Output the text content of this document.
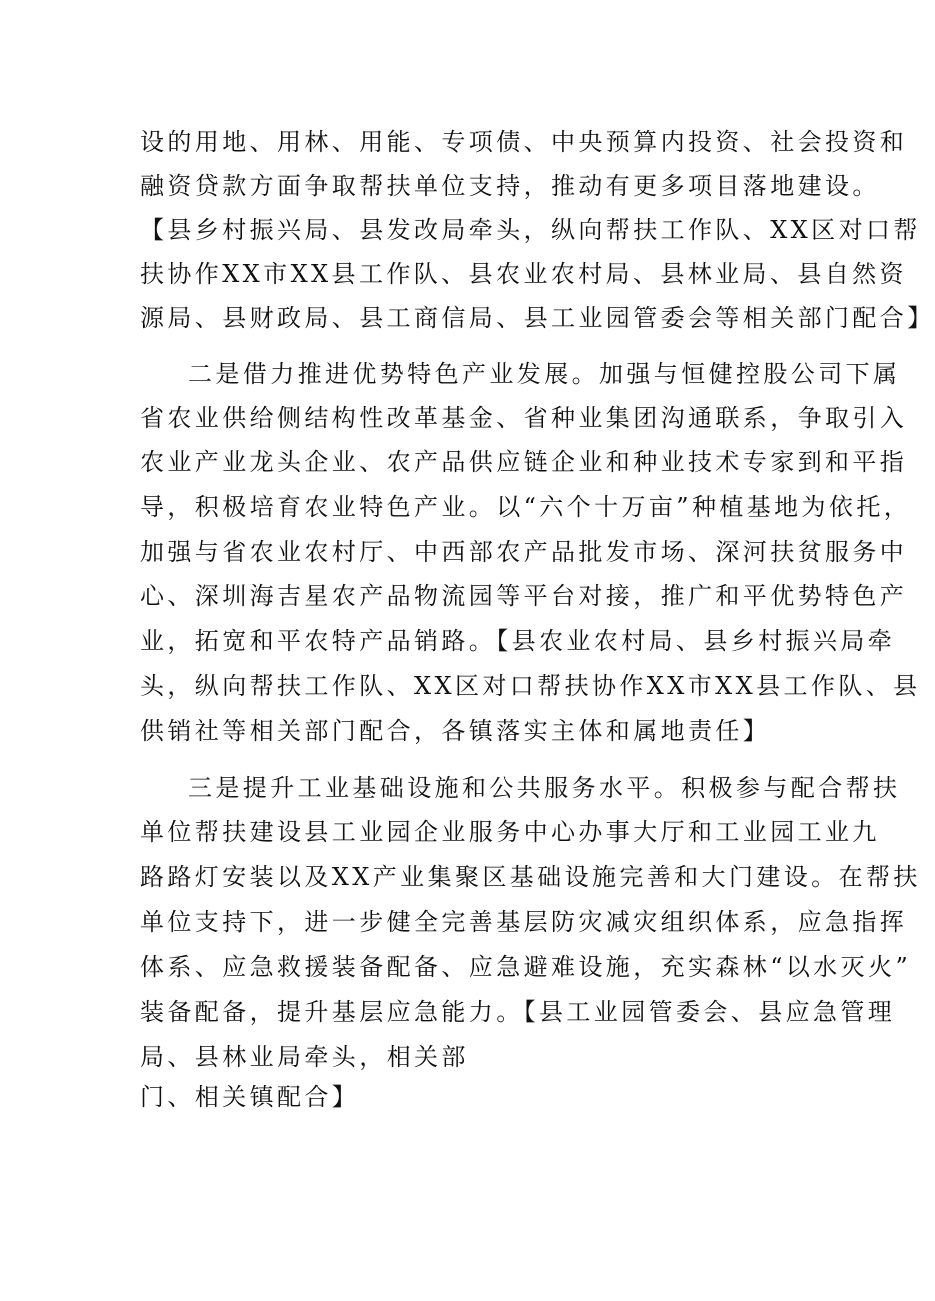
设的用地、用林、用能、专项债、中央预算内投资、社会投资和
融资贷款方面争取帮扶单位支持，推动有更多项目落地建设。
【县乡村振兴局、县发改局牵头，纵向帮扶工作队、XX区对口帮
扶协作XX市XX县工作队、县农业农村局、县林业局、县自然资
源局、县财政局、县工商信局、县工业园管委会等相关部门配合】
二是借力推进优势特色产业发展。加强与恒健控股公司下属
省农业供给侧结构性改革基金、省种业集团沟通联系，争取引入
农业产业龙头企业、农产品供应链企业和种业技术专家到和平指
导，积极培育农业特色产业。以“六个十万亩”种植基地为依托，
加强与省农业农村厅、中西部农产品批发市场、深河扶贫服务中
心、深圳海吉星农产品物流园等平台对接，推广和平优势特色产
业，拓宽和平农特产品销路。【县农业农村局、县乡村振兴局牵
头，纵向帮扶工作队、XX区对口帮扶协作XX市XX县工作队、县
供销社等相关部门配合，各镇落实主体和属地责任】
三是提升工业基础设施和公共服务水平。积极参与配合帮扶
单位帮扶建设县工业园企业服务中心办事大厅和工业园工业九
路路灯安装以及XX产业集聚区基础设施完善和大门建设。在帮扶
单位支持下，进一步健全完善基层防灾减灾组织体系，应急指挥
体系、应急救援装备配备、应急避难设施，充实森林“以水灭火”
装备配备，提升基层应急能力。【县工业园管委会、县应急管理
局、县林业局牵头，相关部
门、相关镇配合】
